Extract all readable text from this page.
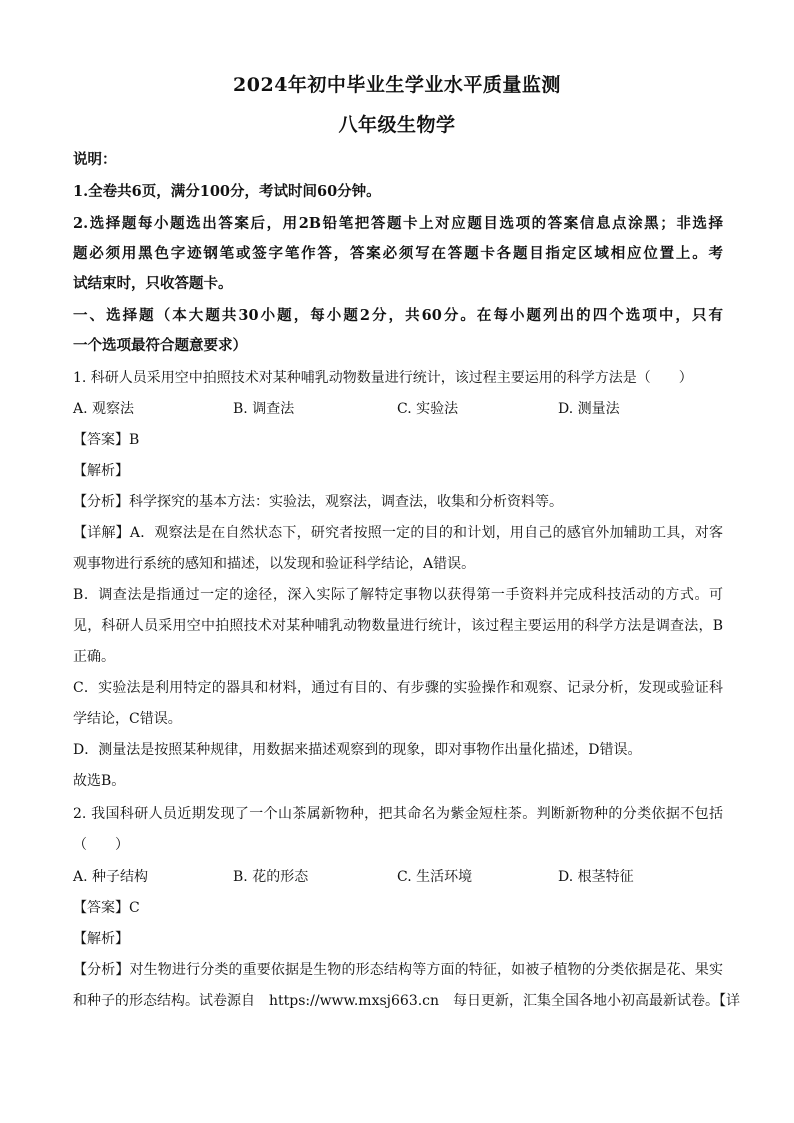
2024年初中毕业生学业水平质量监测
八年级生物学
说明：
1.全卷共6页，满分100分，考试时间60分钟。
2.选择题每小题选出答案后，用2B铅笔把答题卡上对应题目选项的答案信息点涂黑；非选择
题必须用黑色字迹钢笔或签字笔作答，答案必须写在答题卡各题目指定区域相应位置上。考
试结束时，只收答题卡。
一、选择题（本大题共30小题，每小题2分，共60分。在每小题列出的四个选项中，只有
一个选项最符合题意要求）
1. 科研人员采用空中拍照技术对某种哺乳动物数量进行统计，该过程主要运用的科学方法是（　　）
A. 观察法	B. 调查法	C. 实验法	D. 测量法
【答案】B
【解析】
【分析】科学探究的基本方法：实验法，观察法，调查法，收集和分析资料等。
【详解】A．观察法是在自然状态下，研究者按照一定的目的和计划，用自己的感官外加辅助工具，对客
观事物进行系统的感知和描述，以发现和验证科学结论，A错误。
B．调查法是指通过一定的途径，深入实际了解特定事物以获得第一手资料并完成科技活动的方式。可
见，科研人员采用空中拍照技术对某种哺乳动物数量进行统计，该过程主要运用的科学方法是调查法，B
正确。
C．实验法是利用特定的器具和材料，通过有目的、有步骤的实验操作和观察、记录分析，发现或验证科
学结论，C错误。
D．测量法是按照某种规律，用数据来描述观察到的现象，即对事物作出量化描述，D错误。
故选B。
2. 我国科研人员近期发现了一个山茶属新物种，把其命名为紫金短柱茶。判断新物种的分类依据不包括
（　　）
A. 种子结构	B. 花的形态	C. 生活环境	D. 根茎特征
【答案】C
【解析】
【分析】对生物进行分类的重要依据是生物的形态结构等方面的特征，如被子植物的分类依据是花、果实
和种子的形态结构。试卷源自　https://www.mxsj663.cn　每日更新，汇集全国各地小初高最新试卷。【详
